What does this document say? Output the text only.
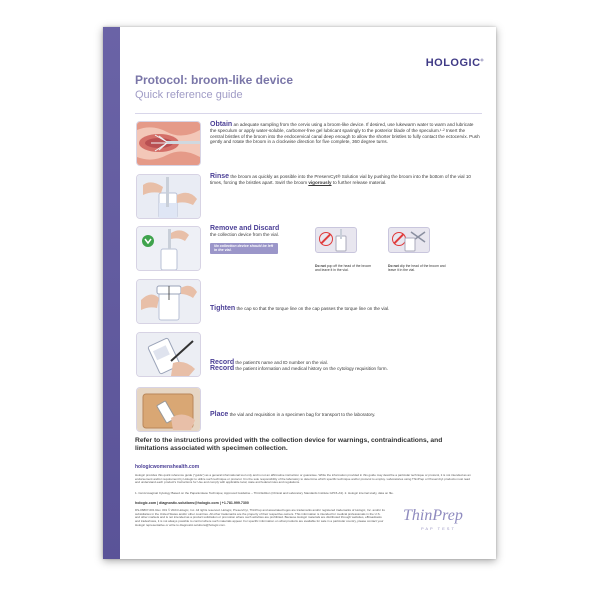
HOLOGIC®
Protocol: broom-like device
Quick reference guide
Obtain an adequate sampling from the cervix using a broom-like device. If desired, use lukewarm water to warm and lubricate the speculum or apply water-soluble, carbomer-free gel lubricant sparingly to the posterior blade of the speculum.¹·² Insert the central bristles of the broom into the endocervical canal deep enough to allow the shorter bristles to fully contact the ectocervix. Push gently and rotate the broom in a clockwise direction for five complete, 360 degree turns.
Rinse the broom as quickly as possible into the PreservCyt® Solution vial by pushing the broom into the bottom of the vial 10 times, forcing the bristles apart. Swirl the broom vigorously to further release material.
Remove and Discard
the collection device from the vial.
No collection device should be left in the vial.
Do not pop off the head of the broom and leave it in the vial.
Do not clip the head of the broom and leave it in the vial.
Tighten the cap so that the torque line on the cap passes the torque line on the vial.
Record the patient's name and ID number on the vial.
Record the patient information and medical history on the cytology requisition form.
Place the vial and requisition in a specimen bag for transport to the laboratory.
Refer to the instructions provided with the collection device for warnings, contraindications, and limitations associated with specimen collection.
hologicwomenshealth.com
Hologic provides this quick reference guide ("guide") as a general informational tool only and is not an affirmative instruction or guarantee. While the information provided in this guide may describe a particular technique or protocol, it is not intended as an endorsement and/or requirement by Hologic to utilize such technique or protocol. It is the sole responsibility of the laboratory to determine which specific technique and/or protocol to employ. Laboratories using ThinPrep or PreservCyt products must read and understand each product's Instructions for Use and comply with applicable local, state and federal rules and regulations.
1. Cervicovaginal Cytology Based on the Papanicolaou Technique; Approved Guideline – Third Edition (Clinical and Laboratory Standards Institute GP15-A3). 2. Hologic internal study, data on file.
hologic.com | diagnostic.solutions@hologic.com | +1.781.999.7300
DS-06807-001 Rev. 001 © 2024 Hologic, Inc. All rights reserved. Hologic, PreservCyt, ThinPrep and associated logos are trademarks and/or registered trademarks of Hologic, Inc. and/or its subsidiaries in the United States and/or other countries. All other trademarks are the property of their respective owners. This information is intended for medical professionals in the U.S. and other markets and is not intended as a product solicitation or promotion where such activities are prohibited. Because Hologic materials are distributed through websites, eBroadcasts and tradeshows, it is not always possible to control where such materials appear. For specific information on what products are available for sale in a particular country, please contact your Hologic representative or write to diagnostic.solutions@hologic.com.
ThinPrep
PAP TEST
